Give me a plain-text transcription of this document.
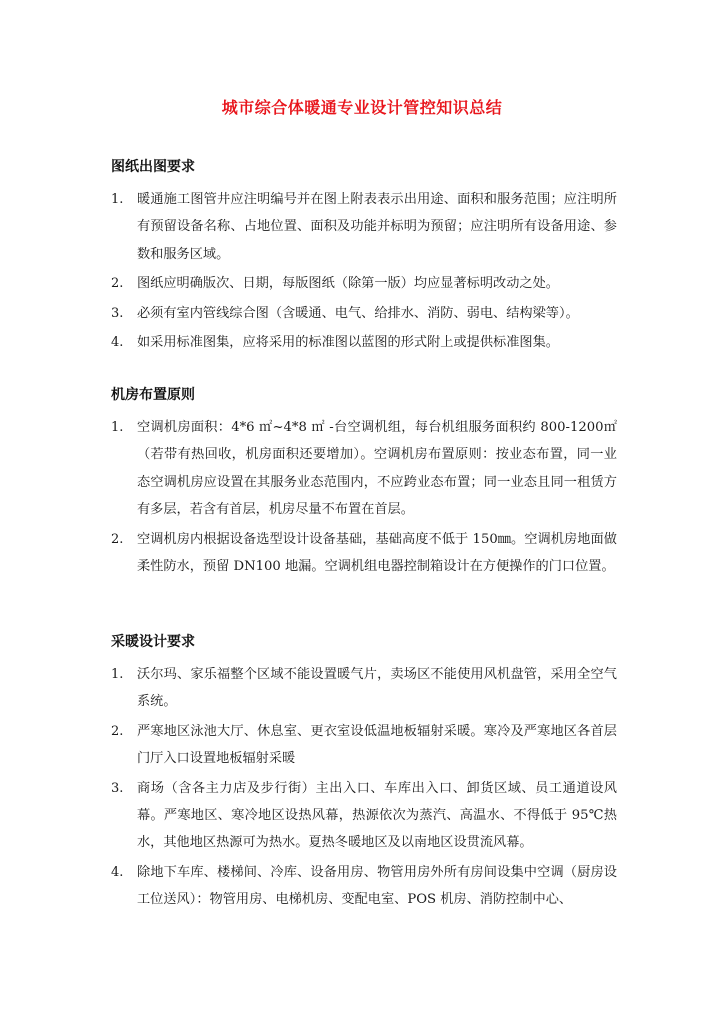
城市综合体暖通专业设计管控知识总结
图纸出图要求
1. 暖通施工图管井应注明编号并在图上附表表示出用途、面积和服务范围；应注明所有预留设备名称、占地位置、面积及功能并标明为预留；应注明所有设备用途、参数和服务区域。
2. 图纸应明确版次、日期，每版图纸（除第一版）均应显著标明改动之处。
3. 必须有室内管线综合图（含暖通、电气、给排水、消防、弱电、结构梁等）。
4. 如采用标准图集，应将采用的标准图以蓝图的形式附上或提供标准图集。
机房布置原则
1. 空调机房面积：4*6 ㎡~4*8 ㎡ -台空调机组，每台机组服务面积约 800-1200㎡（若带有热回收，机房面积还要增加）。空调机房布置原则：按业态布置，同一业态空调机房应设置在其服务业态范围内，不应跨业态布置；同一业态且同一租赁方有多层，若含有首层，机房尽量不布置在首层。
2. 空调机房内根据设备选型设计设备基础，基础高度不低于 150㎜。空调机房地面做柔性防水，预留 DN100 地漏。空调机组电器控制箱设计在方便操作的门口位置。
采暖设计要求
1. 沃尔玛、家乐福整个区域不能设置暖气片，卖场区不能使用风机盘管，采用全空气系统。
2. 严寒地区泳池大厅、休息室、更衣室设低温地板辐射采暖。寒冷及严寒地区各首层门厅入口设置地板辐射采暖
3. 商场（含各主力店及步行街）主出入口、车库出入口、卸货区域、员工通道设风幕。严寒地区、寒冷地区设热风幕，热源依次为蒸汽、高温水、不得低于 95℃热水，其他地区热源可为热水。夏热冬暖地区及以南地区设贯流风幕。
4. 除地下车库、楼梯间、冷库、设备用房、物管用房外所有房间设集中空调（厨房设工位送风）：物管用房、电梯机房、变配电室、POS 机房、消防控制中心、
